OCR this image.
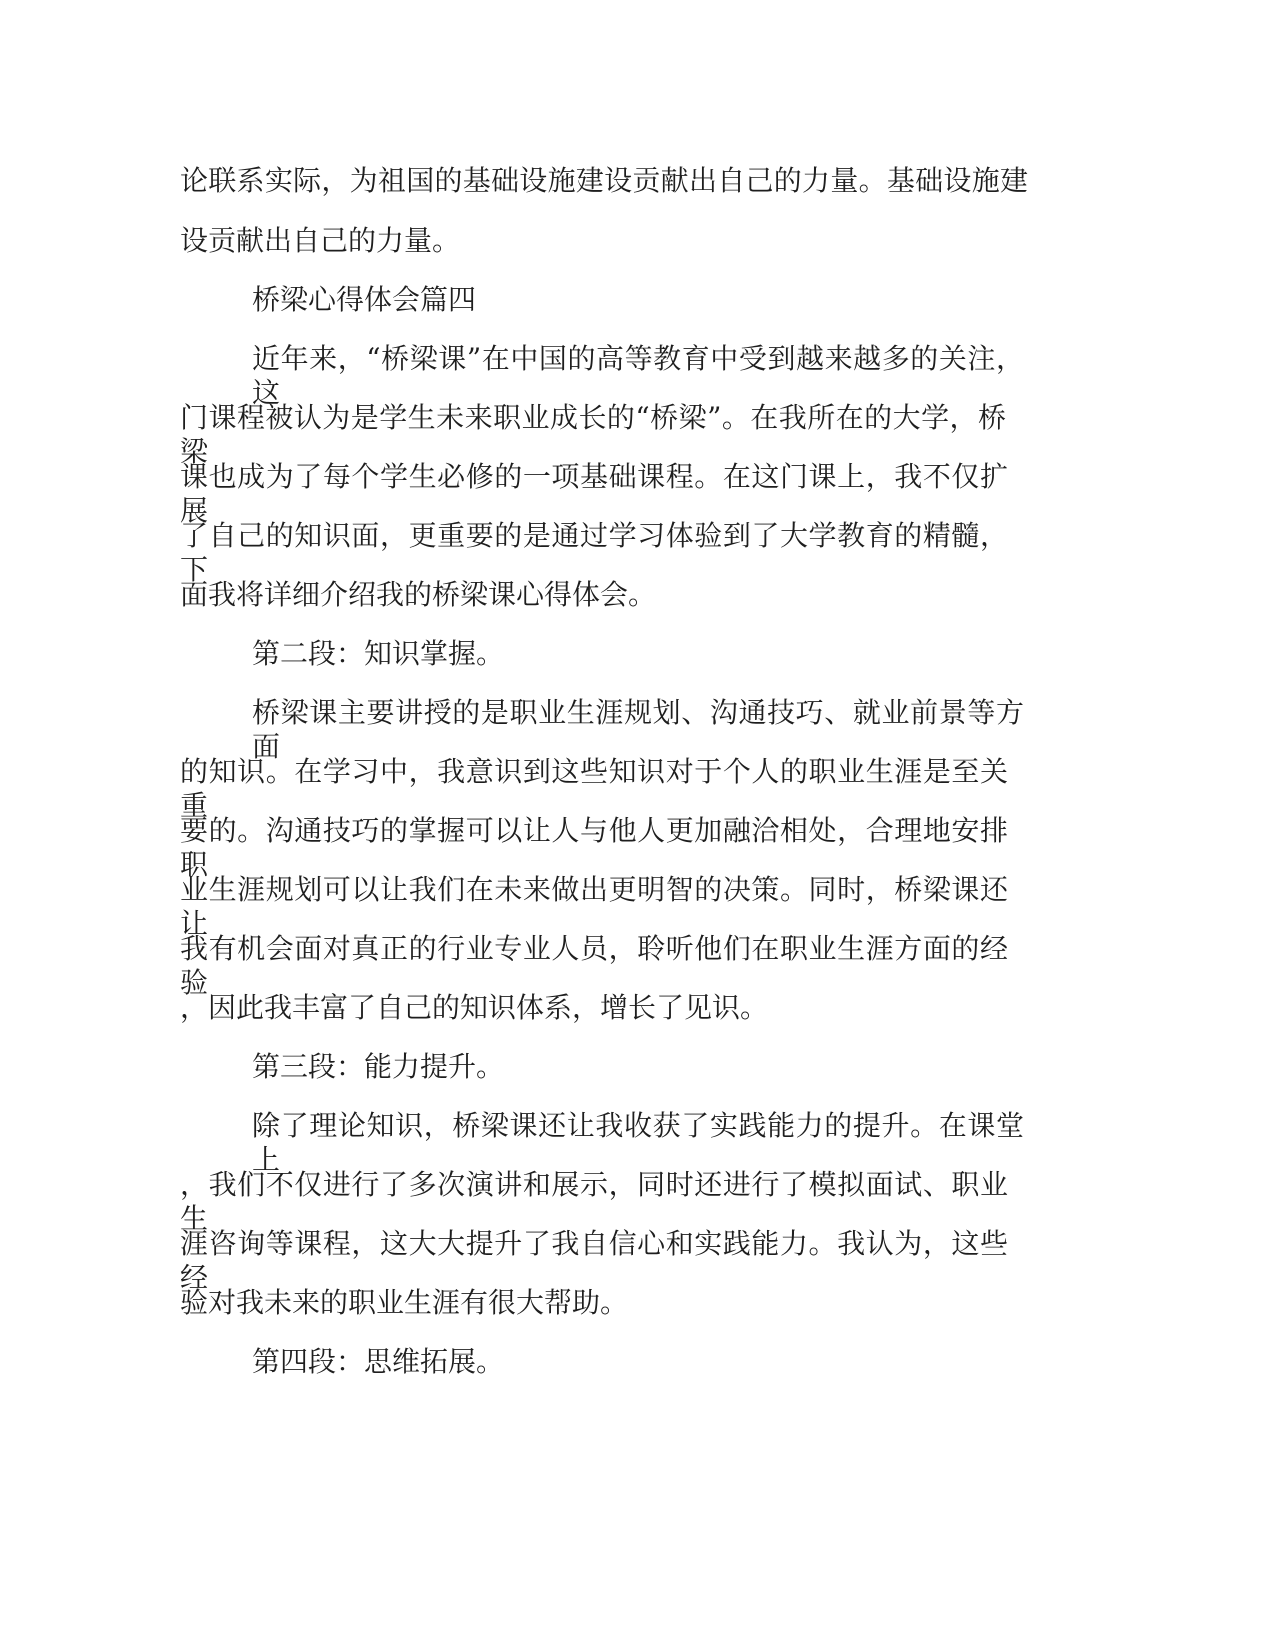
论联系实际，为祖国的基础设施建设贡献出自己的力量。基础设施建
设贡献出自己的力量。
桥梁心得体会篇四
近年来，“桥梁课”在中国的高等教育中受到越来越多的关注，这
门课程被认为是学生未来职业成长的“桥梁”。在我所在的大学，桥梁
课也成为了每个学生必修的一项基础课程。在这门课上，我不仅扩展
了自己的知识面，更重要的是通过学习体验到了大学教育的精髓，下
面我将详细介绍我的桥梁课心得体会。
第二段：知识掌握。
桥梁课主要讲授的是职业生涯规划、沟通技巧、就业前景等方面
的知识。在学习中，我意识到这些知识对于个人的职业生涯是至关重
要的。沟通技巧的掌握可以让人与他人更加融洽相处，合理地安排职
业生涯规划可以让我们在未来做出更明智的决策。同时，桥梁课还让
我有机会面对真正的行业专业人员，聆听他们在职业生涯方面的经验
，因此我丰富了自己的知识体系，增长了见识。
第三段：能力提升。
除了理论知识，桥梁课还让我收获了实践能力的提升。在课堂上
，我们不仅进行了多次演讲和展示，同时还进行了模拟面试、职业生
涯咨询等课程，这大大提升了我自信心和实践能力。我认为，这些经
验对我未来的职业生涯有很大帮助。
第四段：思维拓展。
